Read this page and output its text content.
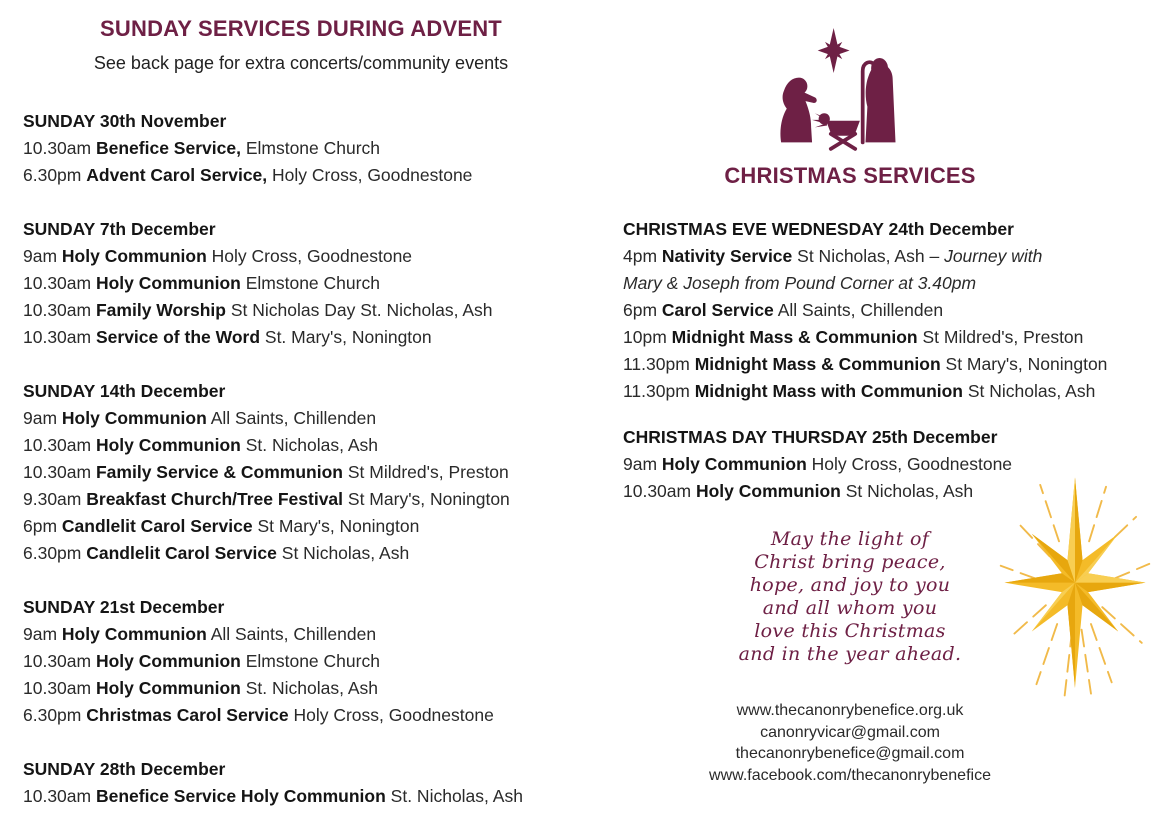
SUNDAY SERVICES DURING ADVENT

See back page for extra concerts/community events

SUNDAY 30th November

10.30am Benefice Service, Elmstone Church

6.30pm Advent Carol Service, Holy Cross, Goodnestone

SUNDAY 7th December

9am Holy Communion Holy Cross, Goodnestone

10.30am Holy Communion Elmstone Church

10.30am Family Worship St Nicholas Day St. Nicholas, Ash

10.30am Service of the Word St. Mary's, Nonington

SUNDAY 14th December

9am Holy Communion All Saints, Chillenden

10.30am Holy Communion St. Nicholas, Ash

10.30am Family Service & Communion St Mildred's, Preston

9.30am Breakfast Church/Tree Festival St Mary's, Nonington

6pm Candlelit Carol Service St Mary's, Nonington

6.30pm Candlelit Carol Service St Nicholas, Ash

SUNDAY 21st December

9am Holy Communion All Saints, Chillenden

10.30am Holy Communion Elmstone Church

10.30am Holy Communion St. Nicholas, Ash

6.30pm Christmas Carol Service Holy Cross, Goodnestone

SUNDAY 28th December

10.30am Benefice Service Holy Communion St. Nicholas, Ash

CHRISTMAS SERVICES

CHRISTMAS EVE WEDNESDAY 24th December

4pm Nativity Service St Nicholas, Ash – Journey with

Mary & Joseph from Pound Corner at 3.40pm

6pm Carol Service All Saints, Chillenden

10pm Midnight Mass & Communion St Mildred's, Preston

11.30pm Midnight Mass & Communion St Mary's, Nonington

11.30pm Midnight Mass with Communion St Nicholas, Ash

CHRISTMAS DAY THURSDAY 25th December

9am Holy Communion Holy Cross, Goodnestone

10.30am Holy Communion St Nicholas, Ash

May the light of
Christ bring peace,
hope, and joy to you
and all whom you
love this Christmas
and in the year ahead.
www.thecanonrybenefice.org.uk
canonryvicar@gmail.com
thecanonrybenefice@gmail.com
www.facebook.com/thecanonrybenefice
